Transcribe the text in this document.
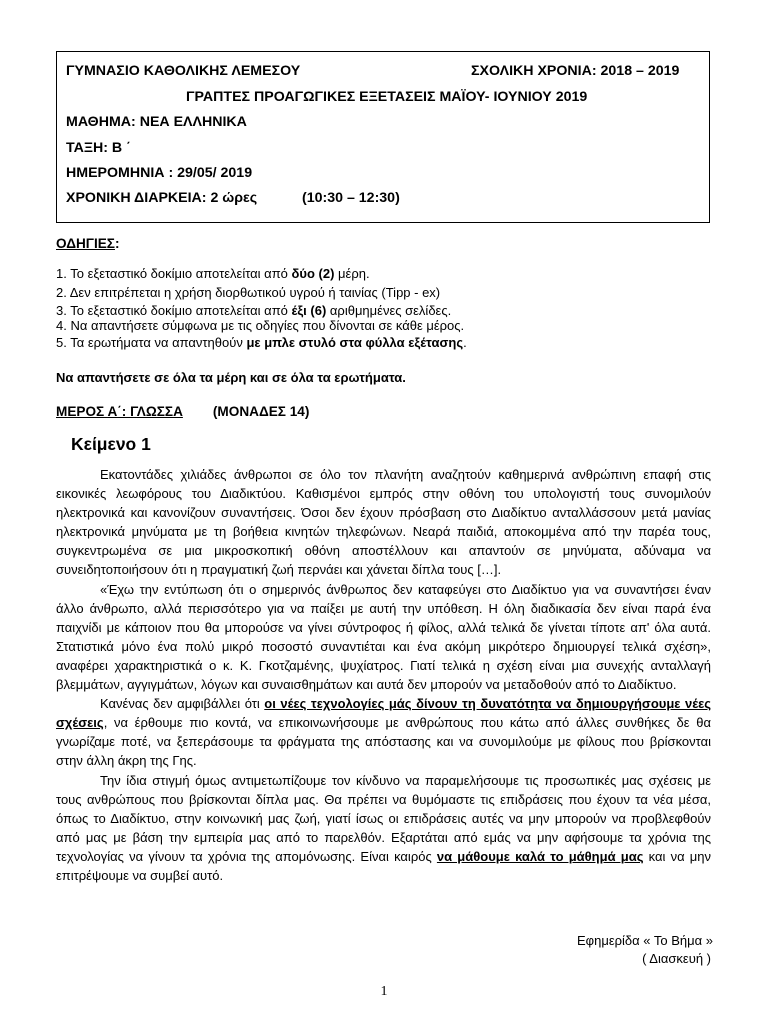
ΓΥΜΝΑΣΙΟ ΚΑΘΟΛΙΚΗΣ ΛΕΜΕΣΟΥ	ΣΧΟΛΙΚΗ ΧΡΟΝΙΑ: 2018 – 2019
ΓΡΑΠΤΕΣ ΠΡΟΑΓΩΓΙΚΕΣ ΕΞΕΤΑΣΕΙΣ ΜΑΪΟΥ- ΙΟΥΝΙΟΥ 2019
ΜΑΘΗΜΑ: ΝΕΑ ΕΛΛΗΝΙΚΑ
ΤΑΞΗ: Β ΄
ΗΜΕΡΟΜΗΝΙΑ : 29/05/ 2019
ΧΡΟΝΙΚΗ ΔΙΑΡΚΕΙΑ: 2 ώρες	(10:30 – 12:30)
ΟΔΗΓΙΕΣ:
1. Το εξεταστικό δοκίμιο αποτελείται από δύο (2) μέρη.
2. Δεν επιτρέπεται η χρήση διορθωτικού υγρού ή ταινίας (Tipp - ex)
3. Το εξεταστικό δοκίμιο αποτελείται από έξι (6) αριθμημένες σελίδες.
4. Να απαντήσετε σύμφωνα με τις οδηγίες που δίνονται σε κάθε μέρος.
5. Τα ερωτήματα να απαντηθούν με μπλε στυλό στα φύλλα εξέτασης.
Να απαντήσετε σε όλα τα μέρη και σε όλα τα ερωτήματα.
ΜΕΡΟΣ Α΄: ΓΛΩΣΣΑ (ΜΟΝΑΔΕΣ 14)
Κείμενο 1

Εκατοντάδες χιλιάδες άνθρωποι σε όλο τον πλανήτη αναζητούν καθημερινά ανθρώπινη επαφή στις εικονικές λεωφόρους του Διαδικτύου. Καθισμένοι εμπρός στην οθόνη του υπολογιστή τους συνομιλούν ηλεκτρονικά και κανονίζουν συναντήσεις. Όσοι δεν έχουν πρόσβαση στο Διαδίκτυο ανταλλάσσουν μετά μανίας ηλεκτρονικά μηνύματα με τη βοήθεια κινητών τηλεφώνων. Νεαρά παιδιά, αποκομμένα από την παρέα τους, συγκεντρωμένα σε μια μικροσκοπική οθόνη αποστέλλουν και απαντούν σε μηνύματα, αδύναμα να συνειδητοποιήσουν ότι η πραγματική ζωή περνάει και χάνεται δίπλα τους […].

«Έχω την εντύπωση ότι ο σημερινός άνθρωπος δεν καταφεύγει στο Διαδίκτυο για να συναντήσει έναν άλλο άνθρωπο, αλλά περισσότερο για να παίξει με αυτή την υπόθεση. Η όλη διαδικασία δεν είναι παρά ένα παιχνίδι με κάποιον που θα μπορούσε να γίνει σύντροφος ή φίλος, αλλά τελικά δε γίνεται τίποτε απ' όλα αυτά. Στατιστικά μόνο ένα πολύ μικρό ποσοστό συναντιέται και ένα ακόμη μικρότερο δημιουργεί τελικά σχέση», αναφέρει χαρακτηριστικά ο κ. Κ. Γκοτζαμένης, ψυχίατρος. Γιατί τελικά η σχέση είναι μια συνεχής ανταλλαγή βλεμμάτων, αγγιγμάτων, λόγων και συναισθημάτων και αυτά δεν μπορούν να μεταδοθούν από το Διαδίκτυο.

Κανένας δεν αμφιβάλλει ότι οι νέες τεχνολογίες μάς δίνουν τη δυνατότητα να δημιουργήσουμε νέες σχέσεις, να έρθουμε πιο κοντά, να επικοινωνήσουμε με ανθρώπους που κάτω από άλλες συνθήκες δε θα γνωρίζαμε ποτέ, να ξεπεράσουμε τα φράγματα της απόστασης και να συνομιλούμε με φίλους που βρίσκονται στην άλλη άκρη της Γης.

Την ίδια στιγμή όμως αντιμετωπίζουμε τον κίνδυνο να παραμελήσουμε τις προσωπικές μας σχέσεις με τους ανθρώπους που βρίσκονται δίπλα μας. Θα πρέπει να θυμόμαστε τις επιδράσεις που έχουν τα νέα μέσα, όπως το Διαδίκτυο, στην κοινωνική μας ζωή, γιατί ίσως οι επιδράσεις αυτές να μην μπορούν να προβλεφθούν από μας με βάση την εμπειρία μας από το παρελθόν. Εξαρτάται από εμάς να μην αφήσουμε τα χρόνια της τεχνολογίας να γίνουν τα χρόνια της απομόνωσης. Είναι καιρός να μάθουμε καλά το μάθημά μας και να μην επιτρέψουμε να συμβεί αυτό.

Εφημερίδα « Το Βήμα »
( Διασκευή )
1
